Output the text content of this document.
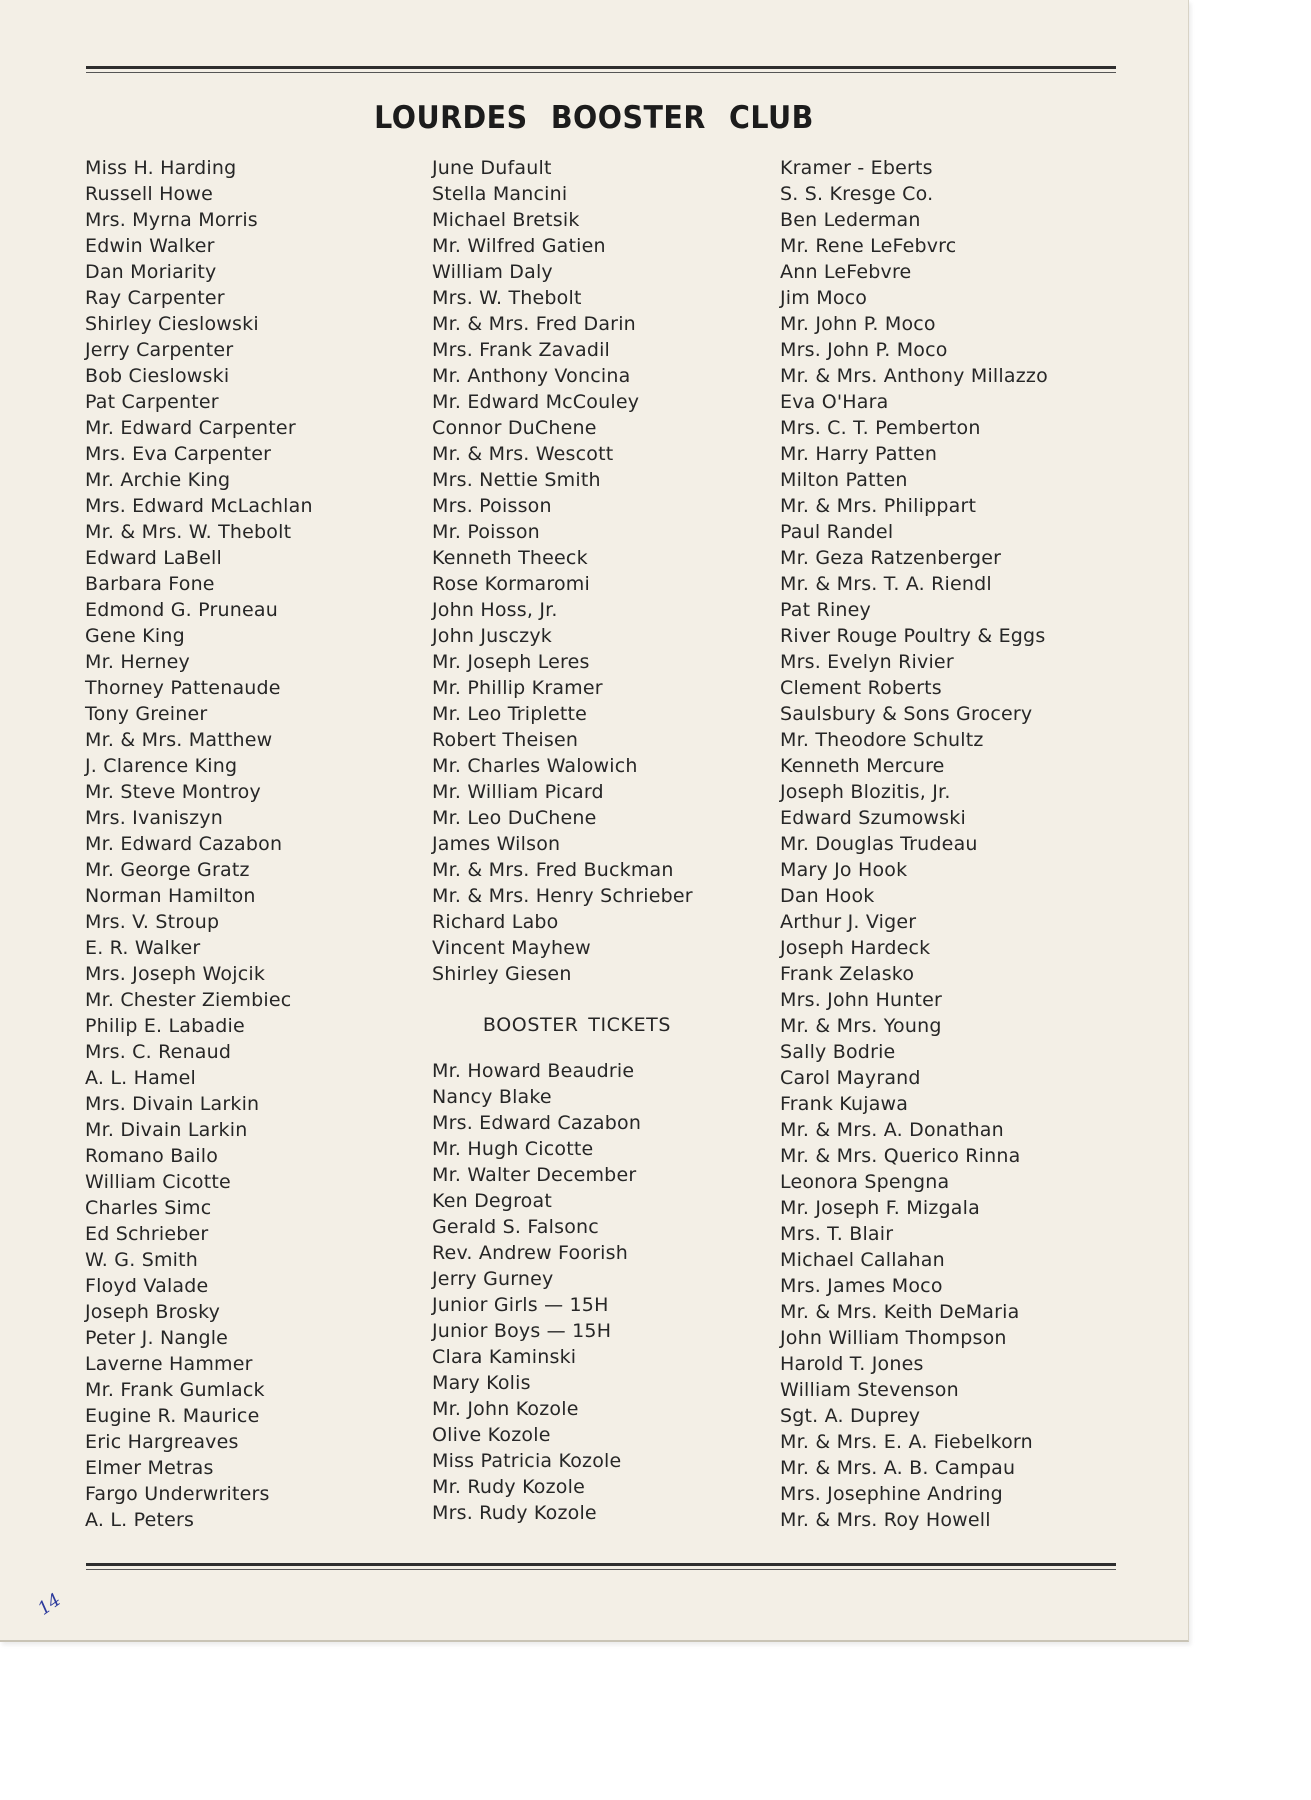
LOURDES BOOSTER CLUB
Miss H. Harding
Russell Howe
Mrs. Myrna Morris
Edwin Walker
Dan Moriarity
Ray Carpenter
Shirley Cieslowski
Jerry Carpenter
Bob Cieslowski
Pat Carpenter
Mr. Edward Carpenter
Mrs. Eva Carpenter
Mr. Archie King
Mrs. Edward McLachlan
Mr. & Mrs. W. Thebolt
Edward LaBell
Barbara Fone
Edmond G. Pruneau
Gene King
Mr. Herney
Thorney Pattenaude
Tony Greiner
Mr. & Mrs. Matthew
J. Clarence King
Mr. Steve Montroy
Mrs. Ivaniszyn
Mr. Edward Cazabon
Mr. George Gratz
Norman Hamilton
Mrs. V. Stroup
E. R. Walker
Mrs. Joseph Wojcik
Mr. Chester Ziembiec
Philip E. Labadie
Mrs. C. Renaud
A. L. Hamel
Mrs. Divain Larkin
Mr. Divain Larkin
Romano Bailo
William Cicotte
Charles Simc
Ed Schrieber
W. G. Smith
Floyd Valade
Joseph Brosky
Peter J. Nangle
Laverne Hammer
Mr. Frank Gumlack
Eugine R. Maurice
Eric Hargreaves
Elmer Metras
Fargo Underwriters
A. L. Peters
June Dufault
Stella Mancini
Michael Bretsik
Mr. Wilfred Gatien
William Daly
Mrs. W. Thebolt
Mr. & Mrs. Fred Darin
Mrs. Frank Zavadil
Mr. Anthony Voncina
Mr. Edward McCouley
Connor DuChene
Mr. & Mrs. Wescott
Mrs. Nettie Smith
Mrs. Poisson
Mr. Poisson
Kenneth Theeck
Rose Kormaromi
John Hoss, Jr.
John Jusczyk
Mr. Joseph Leres
Mr. Phillip Kramer
Mr. Leo Triplette
Robert Theisen
Mr. Charles Walowich
Mr. William Picard
Mr. Leo DuChene
James Wilson
Mr. & Mrs. Fred Buckman
Mr. & Mrs. Henry Schrieber
Richard Labo
Vincent Mayhew
Shirley Giesen
BOOSTER TICKETS
Mr. Howard Beaudrie
Nancy Blake
Mrs. Edward Cazabon
Mr. Hugh Cicotte
Mr. Walter December
Ken Degroat
Gerald S. Falsonc
Rev. Andrew Foorish
Jerry Gurney
Junior Girls — 15H
Junior Boys — 15H
Clara Kaminski
Mary Kolis
Mr. John Kozole
Olive Kozole
Miss Patricia Kozole
Mr. Rudy Kozole
Mrs. Rudy Kozole
Kramer - Eberts
S. S. Kresge Co.
Ben Lederman
Mr. Rene LeFebvrc
Ann LeFebvre
Jim Moco
Mr. John P. Moco
Mrs. John P. Moco
Mr. & Mrs. Anthony Millazzo
Eva O'Hara
Mrs. C. T. Pemberton
Mr. Harry Patten
Milton Patten
Mr. & Mrs. Philippart
Paul Randel
Mr. Geza Ratzenberger
Mr. & Mrs. T. A. Riendl
Pat Riney
River Rouge Poultry & Eggs
Mrs. Evelyn Rivier
Clement Roberts
Saulsbury & Sons Grocery
Mr. Theodore Schultz
Kenneth Mercure
Joseph Blozitis, Jr.
Edward Szumowski
Mr. Douglas Trudeau
Mary Jo Hook
Dan Hook
Arthur J. Viger
Joseph Hardeck
Frank Zelasko
Mrs. John Hunter
Mr. & Mrs. Young
Sally Bodrie
Carol Mayrand
Frank Kujawa
Mr. & Mrs. A. Donathan
Mr. & Mrs. Querico Rinna
Leonora Spengna
Mr. Joseph F. Mizgala
Mrs. T. Blair
Michael Callahan
Mrs. James Moco
Mr. & Mrs. Keith DeMaria
John William Thompson
Harold T. Jones
William Stevenson
Sgt. A. Duprey
Mr. & Mrs. E. A. Fiebelkorn
Mr. & Mrs. A. B. Campau
Mrs. Josephine Andring
Mr. & Mrs. Roy Howell
14
